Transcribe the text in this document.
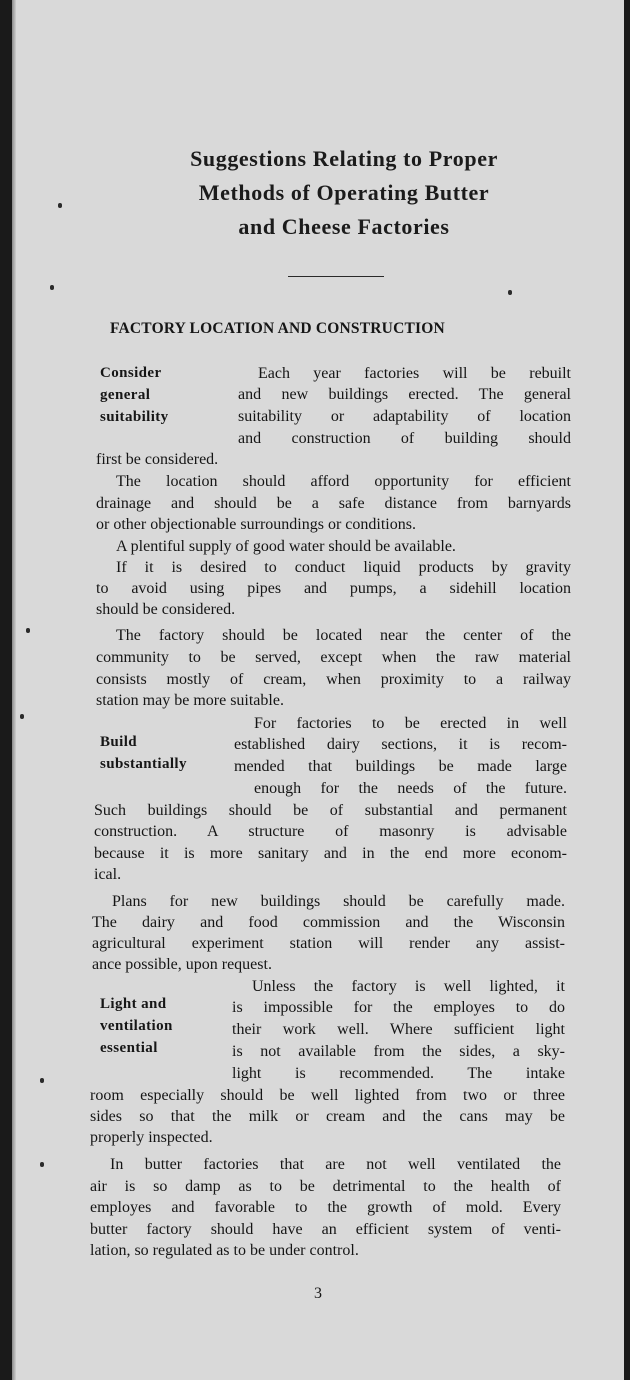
Suggestions Relating to Proper
Methods of Operating Butter
and Cheese Factories
FACTORY LOCATION AND CONSTRUCTION
Consider
general
suitability
Build
substantially
Light and
ventilation
essential

Each year factories will be rebuilt

and new buildings erected. The general

suitability or adaptability of location

and construction of building should

first be considered.

The location should afford opportunity for efficient

drainage and should be a safe distance from barnyards

or other objectionable surroundings or conditions.

A plentiful supply of good water should be available.

If it is desired to conduct liquid products by gravity

to avoid using pipes and pumps, a sidehill location

should be considered.

The factory should be located near the center of the

community to be served, except when the raw material

consists mostly of cream, when proximity to a railway

station may be more suitable.

For factories to be erected in well

established dairy sections, it is recom-

mended that buildings be made large

enough for the needs of the future.

Such buildings should be of substantial and permanent

construction. A structure of masonry is advisable

because it is more sanitary and in the end more econom-

ical.

Plans for new buildings should be carefully made.

The dairy and food commission and the Wisconsin

agricultural experiment station will render any assist-

ance possible, upon request.

Unless the factory is well lighted, it

is impossible for the employes to do

their work well. Where sufficient light

is not available from the sides, a sky-

light is recommended. The intake

room especially should be well lighted from two or three

sides so that the milk or cream and the cans may be

properly inspected.

In butter factories that are not well ventilated the

air is so damp as to be detrimental to the health of

employes and favorable to the growth of mold. Every

butter factory should have an efficient system of venti-

lation, so regulated as to be under control.

3
